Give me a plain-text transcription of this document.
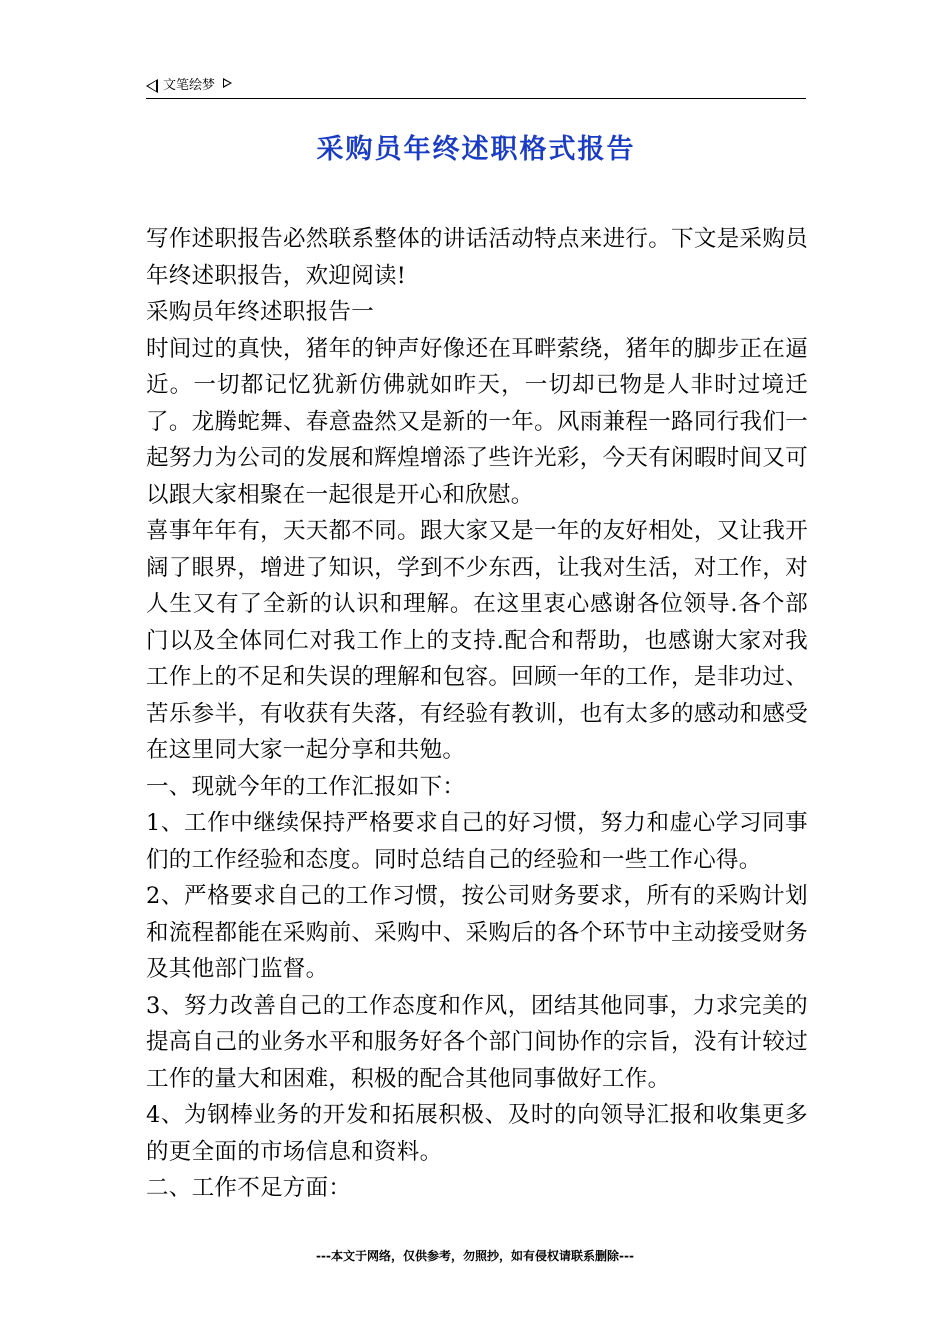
文笔绘梦
采购员年终述职格式报告

写作述职报告必然联系整体的讲话活动特点来进行。下文是采购员年终述职报告，欢迎阅读!

采购员年终述职报告一

时间过的真快，猪年的钟声好像还在耳畔萦绕，猪年的脚步正在逼近。一切都记忆犹新仿佛就如昨天，一切却已物是人非时过境迁了。龙腾蛇舞、春意盎然又是新的一年。风雨兼程一路同行我们一起努力为公司的发展和辉煌增添了些许光彩，今天有闲暇时间又可以跟大家相聚在一起很是开心和欣慰。

喜事年年有，天天都不同。跟大家又是一年的友好相处，又让我开阔了眼界，增进了知识，学到不少东西，让我对生活，对工作，对人生又有了全新的认识和理解。在这里衷心感谢各位领导.各个部门以及全体同仁对我工作上的支持.配合和帮助，也感谢大家对我工作上的不足和失误的理解和包容。回顾一年的工作，是非功过、苦乐参半，有收获有失落，有经验有教训，也有太多的感动和感受在这里同大家一起分享和共勉。

一、现就今年的工作汇报如下：

1、工作中继续保持严格要求自己的好习惯，努力和虚心学习同事们的工作经验和态度。同时总结自己的经验和一些工作心得。

2、严格要求自己的工作习惯，按公司财务要求，所有的采购计划和流程都能在采购前、采购中、采购后的各个环节中主动接受财务及其他部门监督。

3、努力改善自己的工作态度和作风，团结其他同事，力求完美的提高自己的业务水平和服务好各个部门间协作的宗旨，没有计较过工作的量大和困难，积极的配合其他同事做好工作。

4、为钢棒业务的开发和拓展积极、及时的向领导汇报和收集更多的更全面的市场信息和资料。

二、工作不足方面：

---本文于网络，仅供参考，勿照抄，如有侵权请联系删除---
